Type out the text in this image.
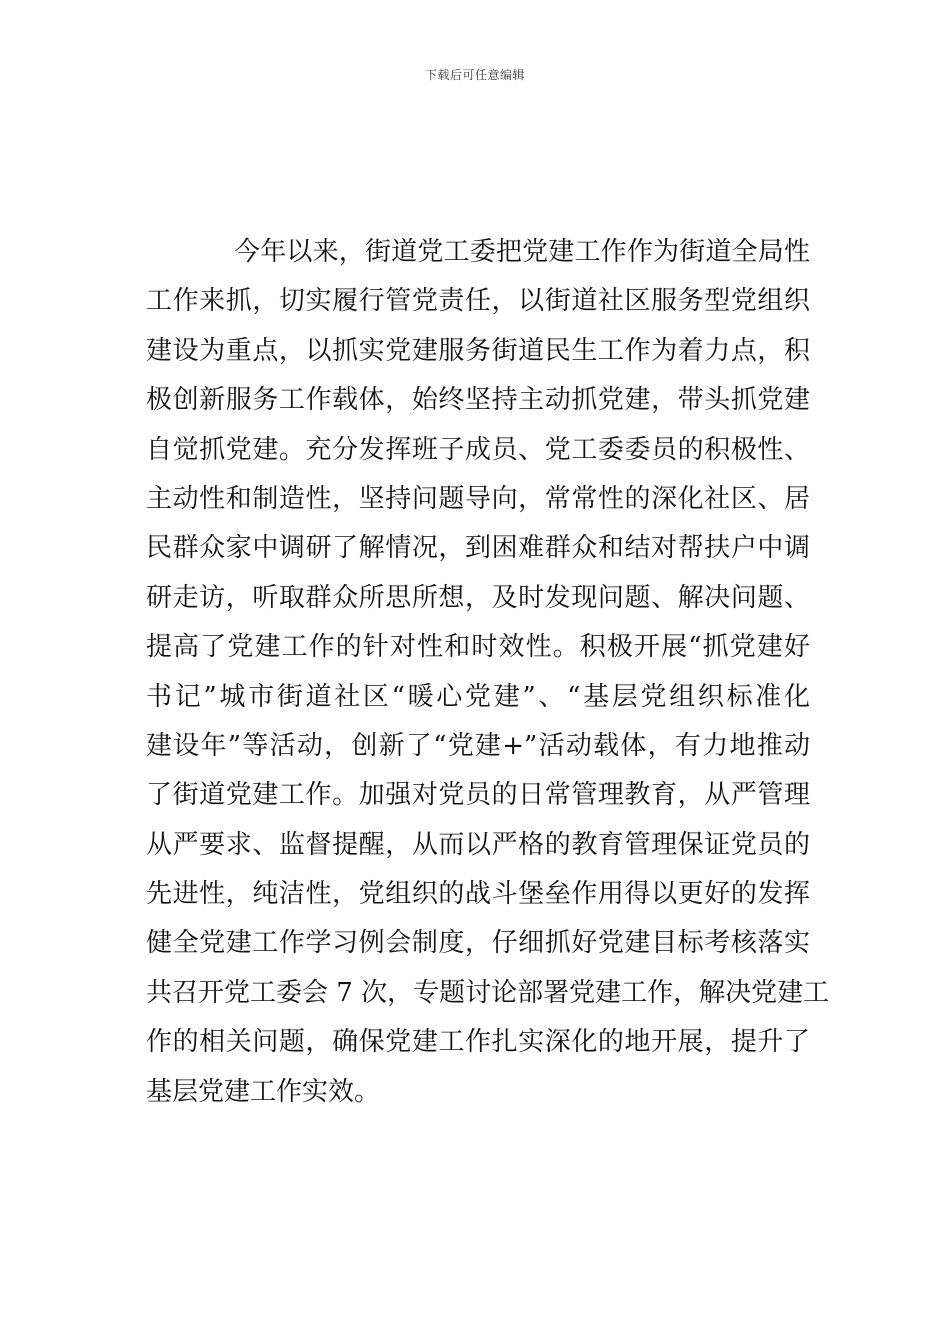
下载后可任意编辑
今年以来，街道党工委把党建工作作为街道全局性
工作来抓，切实履行管党责任，以街道社区服务型党组织
建设为重点，以抓实党建服务街道民生工作为着力点，积
极创新服务工作载体，始终坚持主动抓党建，带头抓党建
自觉抓党建。充分发挥班子成员、党工委委员的积极性、
主动性和制造性，坚持问题导向，常常性的深化社区、居
民群众家中调研了解情况，到困难群众和结对帮扶户中调
研走访，听取群众所思所想，及时发现问题、解决问题、
提高了党建工作的针对性和时效性。积极开展“抓党建好
书记”城市街道社区“暖心党建”、“基层党组织标准化
建设年”等活动，创新了“党建+”活动载体，有力地推动
了街道党建工作。加强对党员的日常管理教育，从严管理
从严要求、监督提醒，从而以严格的教育管理保证党员的
先进性，纯洁性，党组织的战斗堡垒作用得以更好的发挥
健全党建工作学习例会制度，仔细抓好党建目标考核落实
共召开党工委会 7 次，专题讨论部署党建工作，解决党建工
作的相关问题，确保党建工作扎实深化的地开展，提升了
基层党建工作实效。
